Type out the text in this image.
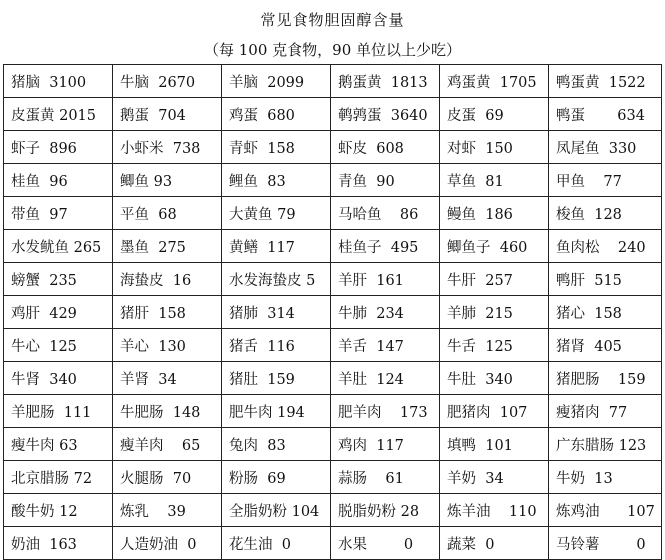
常见食物胆固醇含量
（每 100 克食物，90 单位以上少吃）
猪脑  3100	牛脑  2670	羊脑  2099	鹅蛋黄  1813	鸡蛋黄  1705	鸭蛋黄  1522
皮蛋黄 2015	鹅蛋  704	鸡蛋  680	鹌鹑蛋  3640	皮蛋  69	鸭蛋       634
虾子  896	小虾米  738	青虾  158	虾皮  608	对虾  150	凤尾鱼  330
桂鱼  96	鲫鱼 93	鲤鱼  83	青鱼  90	草鱼  81	甲鱼    77
带鱼  97	平鱼  68	大黄鱼 79	马哈鱼    86	鳗鱼  186	梭鱼  128
水发鱿鱼 265	墨鱼  275	黄鳝  117	桂鱼子  495	鲫鱼子  460	鱼肉松    240
螃蟹  235	海蛰皮  16	水发海蛰皮 5	羊肝  161	牛肝  257	鸭肝  515
鸡肝  429	猪肝  158	猪肺  314	牛肺  234	羊肺  215	猪心  158
牛心  125	羊心  130	猪舌  116	羊舌  147	牛舌  125	猪肾  405
牛肾  340	羊肾  34	猪肚  159	羊肚  124	牛肚  340	猪肥肠    159
羊肥肠  111	牛肥肠  148	肥牛肉 194	肥羊肉    173	肥猪肉  107	瘦猪肉  77
瘦牛肉 63	瘦羊肉    65	兔肉  83	鸡肉  117	填鸭  101	广东腊肠 123
北京腊肠 72	火腿肠  70	粉肠  69	蒜肠    61	羊奶  34	牛奶  13
酸牛奶 12	炼乳    39	全脂奶粉 104	脱脂奶粉 28	炼羊油    110	炼鸡油      107
奶油  163	人造奶油  0	花生油  0	水果        0	蔬菜  0	马铃薯        0
